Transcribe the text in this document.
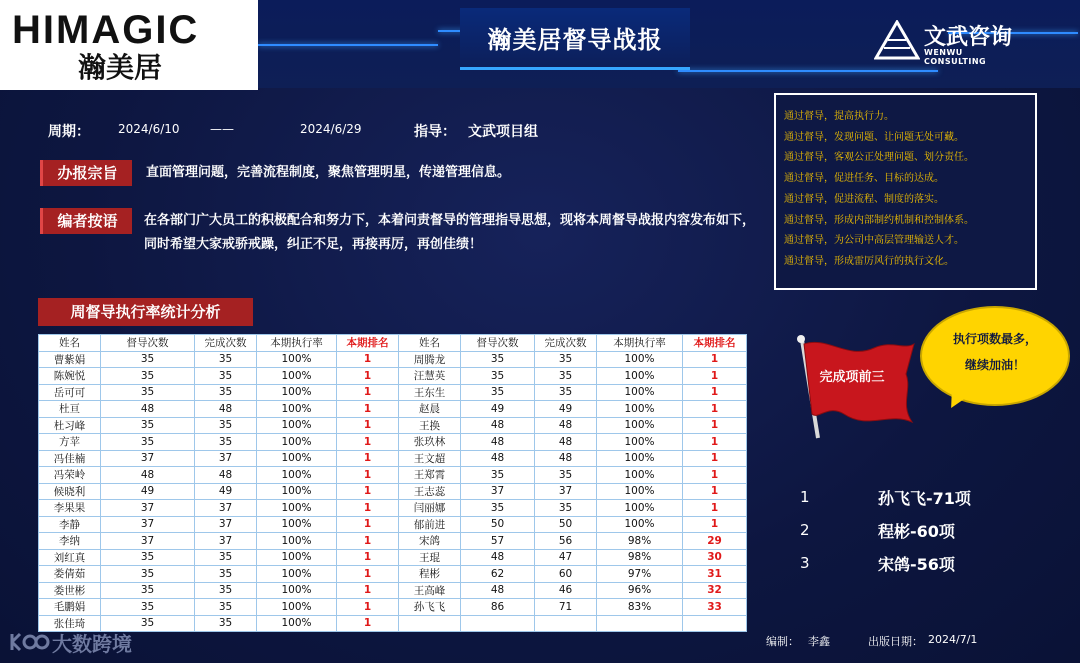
瀚美居督导战报
HIMAGIC
瀚美居
文武咨询
WENWU CONSULTING
周期： 2024/6/10	——	2024/6/29	指导： 文武项目组
办报宗旨	直面管理问题，完善流程制度，聚焦管理明星，传递管理信息。
编者按语	在各部门广大员工的积极配合和努力下，本着问责督导的管理指导思想，现将本周督导战报内容发布如下，
同时希望大家戒骄戒躁，纠正不足，再接再厉，再创佳绩！
通过督导，提高执行力。
通过督导，发现问题、让问题无处可藏。
通过督导，客观公正处理问题、划分责任。
通过督导，促进任务、目标的达成。
通过督导，促进流程、制度的落实。
通过督导，形成内部制约机制和控制体系。
通过督导，为公司中高层管理输送人才。
通过督导，形成雷厉风行的执行文化。
周督导执行率统计分析
姓名	督导次数	完成次数	本期执行率	本期排名	姓名	督导次数	完成次数	本期执行率	本期排名
曹紫娟	35	35	100%	1	周腾龙	35	35	100%	1
陈婉悦	35	35	100%	1	汪慧英	35	35	100%	1
岳可可	35	35	100%	1	王东生	35	35	100%	1
杜亘	48	48	100%	1	赵晨	49	49	100%	1
杜习峰	35	35	100%	1	王换	48	48	100%	1
方苹	35	35	100%	1	张玖林	48	48	100%	1
冯佳楠	37	37	100%	1	王文超	48	48	100%	1
冯荣岭	48	48	100%	1	王郑霄	35	35	100%	1
候晓利	49	49	100%	1	王志蕊	37	37	100%	1
李果果	37	37	100%	1	闫丽娜	35	35	100%	1
李静	37	37	100%	1	郁前进	50	50	100%	1
李纳	37	37	100%	1	宋鸽	57	56	98%	29
刘红真	35	35	100%	1	王琨	48	47	98%	30
娄倩茹	35	35	100%	1	程彬	62	60	97%	31
娄世彬	35	35	100%	1	王高峰	48	46	96%	32
毛鹏娟	35	35	100%	1	孙飞飞	86	71	83%	33
张佳琦	35	35	100%	1					
执行项数最多，
继续加油！
完成项前三
1	孙飞飞-71项
2	程彬-60项
3	宋鸽-56项
编制： 李鑫	出版日期： 2024/7/1
大数跨境
